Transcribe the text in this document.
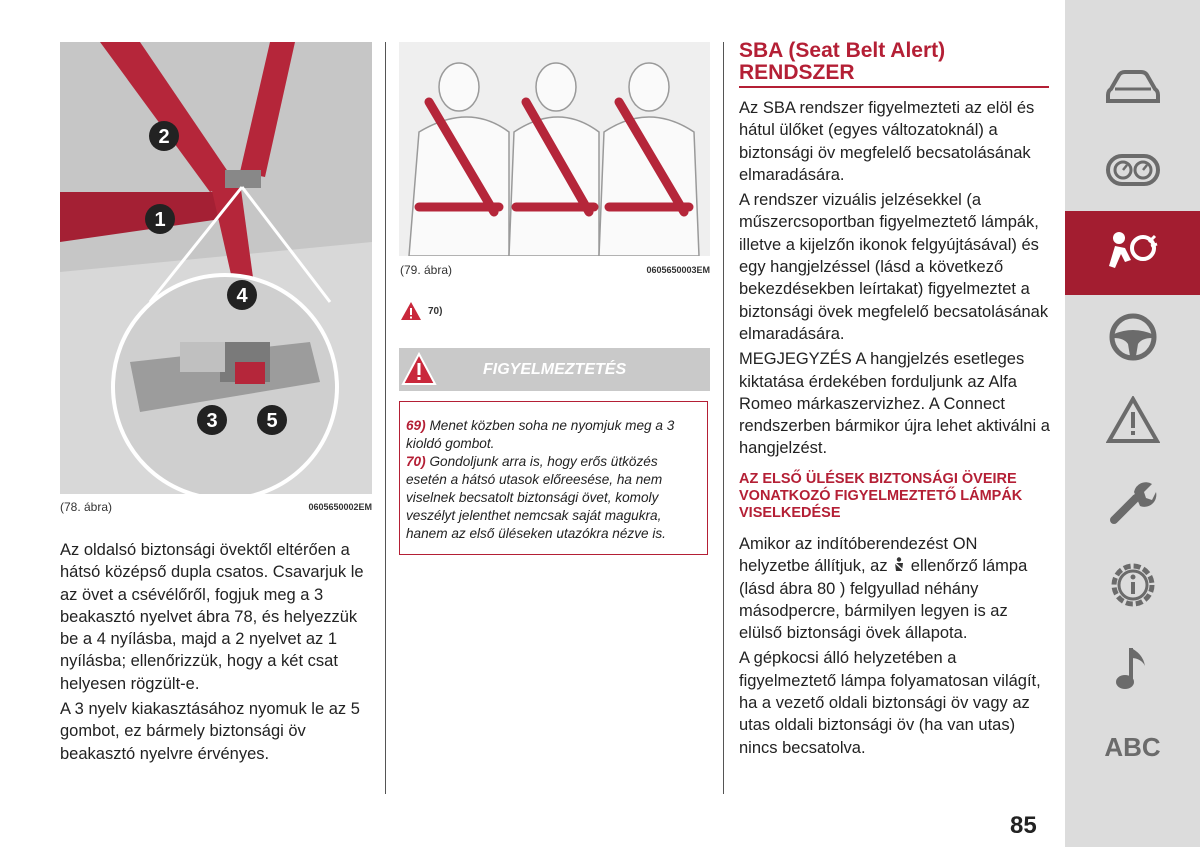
2
1
4
3 5
(78. ábra)	0605650002EM

Az oldalsó biztonsági övektől eltérően a hátsó középső dupla csatos. Csavarjuk le az övet a csévélőről, fogjuk meg a 3 beakasztó nyelvet ábra 78, és helyezzük be a 4 nyílásba, majd a 2 nyelvet az 1 nyílásba; ellenőrizzük, hogy a két csat helyesen rögzült-e.

A 3 nyelv kiakasztásához nyomuk le az 5 gombot, ez bármely biztonsági öv beakasztó nyelvre érvényes.

(79. ábra)	0605650003EM
70)
FIGYELMEZTETÉS
69) Menet közben soha ne nyomjuk meg a 3 kioldó gombot.
70) Gondoljunk arra is, hogy erős ütközés esetén a hátsó utasok előreesése, ha nem viselnek becsatolt biztonsági övet, komoly veszélyt jelenthet nemcsak saját magukra, hanem az első üléseken utazókra nézve is.
SBA (Seat Belt Alert)
RENDSZER

Az SBA rendszer figyelmezteti az elöl és hátul ülőket (egyes változatoknál) a biztonsági öv megfelelő becsatolásának elmaradására.

A rendszer vizuális jelzésekkel (a műszercsoportban figyelmeztető lámpák, illetve a kijelzőn ikonok felgyújtásával) és egy hangjelzéssel (lásd a következő bekezdésekben leírtakat) figyelmeztet a biztonsági övek megfelelő becsatolásának elmaradására.

MEGJEGYZÉS A hangjelzés esetleges kiktatása érdekében forduljunk az Alfa Romeo márkaszervizhez. A Connect rendszerben bármikor újra lehet aktiválni a hangjelzést.

AZ ELSŐ ÜLÉSEK BIZTONSÁGI ÖVEIRE VONATKOZÓ FIGYELMEZTETŐ LÁMPÁK VISELKEDÉSE

Amikor az indítóberendezést ON helyzetbe állítjuk, az ellenőrző lámpa (lásd ábra 80 ) felgyullad néhány másodpercre, bármilyen legyen is az elülső biztonsági övek állapota.

A gépkocsi álló helyzetében a figyelmeztető lámpa folyamatosan világít, ha a vezető oldali biztonsági öv vagy az utas oldali biztonsági öv (ha van utas) nincs becsatolva.	ABC
85
